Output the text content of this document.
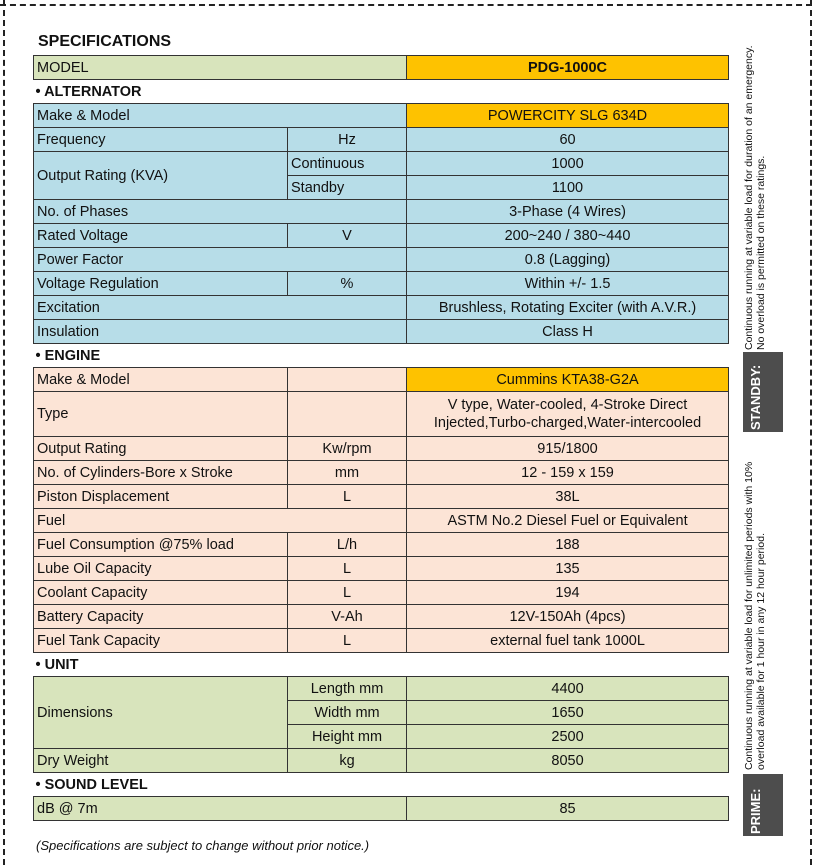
SPECIFICATIONS
MODEL		PDG-1000C
• ALTERNATOR		
Make & Model		POWERCITY SLG 634D
Frequency	Hz	60
Output Rating (KVA)	Continuous	1000
	Standby	1100
No. of Phases		3-Phase (4 Wires)
Rated Voltage	V	200~240 / 380~440
Power Factor		0.8 (Lagging)
Voltage Regulation	%	Within +/- 1.5
Excitation		Brushless, Rotating Exciter (with A.V.R.)
Insulation		Class H
• ENGINE		
Make & Model		Cummins KTA38-G2A
Type		V type, Water-cooled, 4-Stroke Direct
Injected,Turbo-charged,Water-intercooled
Output Rating	Kw/rpm	915/1800
No. of Cylinders-Bore x Stroke	mm	12 - 159 x 159
Piston Displacement	L	38L
Fuel		ASTM No.2 Diesel Fuel or Equivalent
Fuel Consumption @75% load	L/h	188
Lube Oil Capacity	L	135
Coolant Capacity	L	194
Battery Capacity	V-Ah	12V-150Ah (4pcs)
Fuel Tank Capacity	L	external fuel tank 1000L
• UNIT		
Dimensions	Length mm	4400
	Width mm	1650
	Height mm	2500
Dry Weight	kg	8050
• SOUND LEVEL		
dB @ 7m		85
(Specifications are subject to change without prior notice.)
Continuous running at variable load for duration of an emergency. No overload is permitted on these ratings.
STANDBY:
Continuous running at variable load for unlimited periods with 10% overload available for 1 hour in any 12 hour period.
PRIME:
